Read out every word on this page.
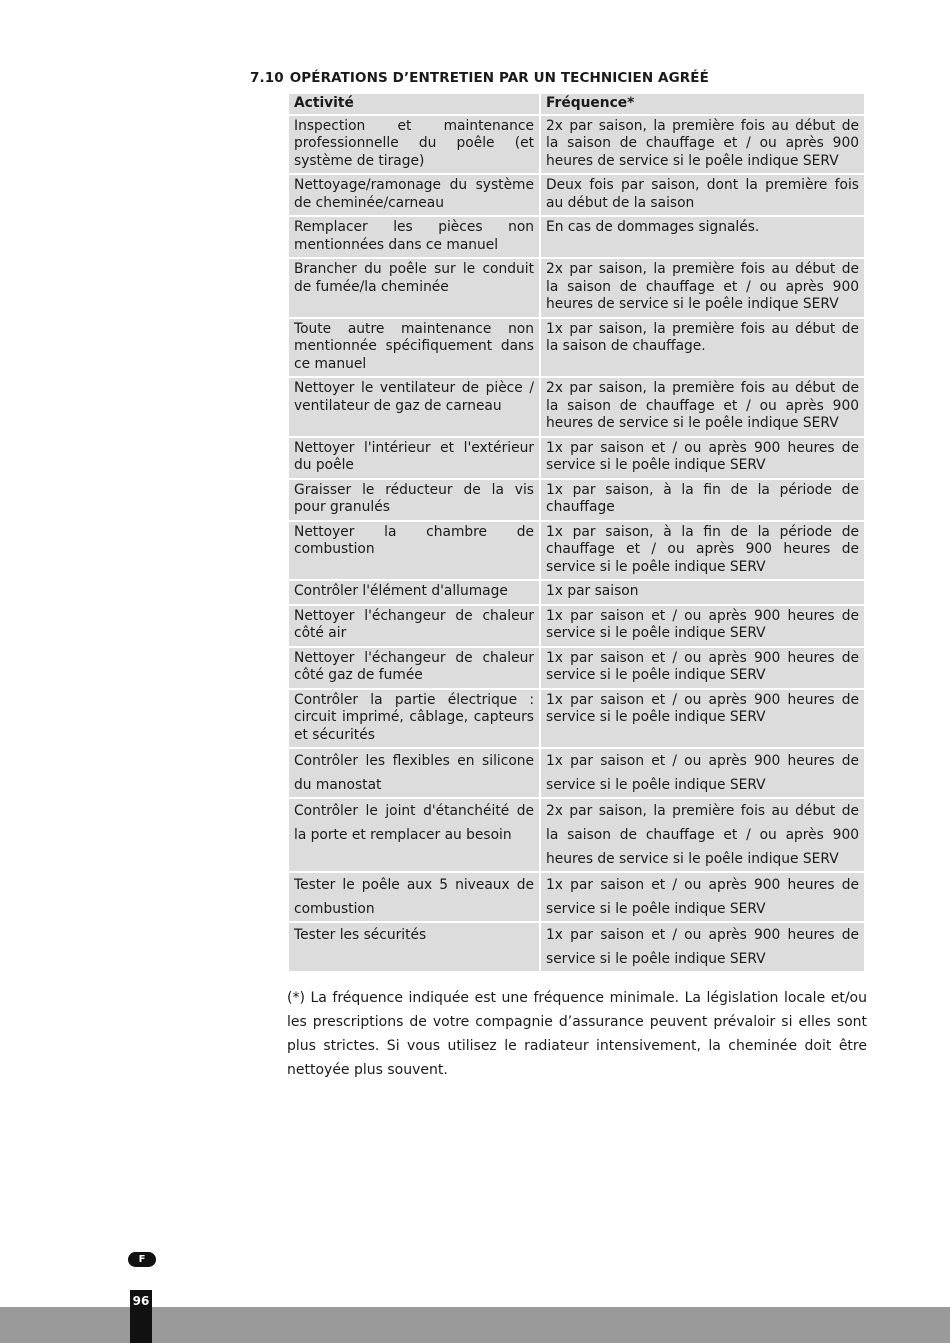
7.10 OPÉRATIONS D’ENTRETIEN PAR UN TECHNICIEN AGRÉÉ
Activité	Fréquence*
Inspection et maintenance professionnelle du poêle (et système de tirage)	2x par saison, la première fois au début de la saison de chauffage et / ou après 900 heures de service si le poêle indique SERV
Nettoyage/ramonage du système de cheminée/carneau	Deux fois par saison, dont la première fois au début de la saison
Remplacer les pièces non mentionnées dans ce manuel	En cas de dommages signalés.
Brancher du poêle sur le conduit de fumée/la cheminée	2x par saison, la première fois au début de la saison de chauffage et / ou après 900 heures de service si le poêle indique SERV
Toute autre maintenance non mentionnée spécifiquement dans ce manuel	1x par saison, la première fois au début de la saison de chauffage.
Nettoyer le ventilateur de pièce / ventilateur de gaz de carneau	2x par saison, la première fois au début de la saison de chauffage et / ou après 900 heures de service si le poêle indique SERV
Nettoyer l'intérieur et l'extérieur du poêle	1x par saison et / ou après 900 heures de service si le poêle indique SERV
Graisser le réducteur de la vis pour granulés	1x par saison, à la fin de la période de chauffage
Nettoyer la chambre de combustion	1x par saison, à la fin de la période de chauffage et / ou après 900 heures de service si le poêle indique SERV
Contrôler l'élément d'allumage	1x par saison
Nettoyer l'échangeur de chaleur côté air	1x par saison et / ou après 900 heures de service si le poêle indique SERV
Nettoyer l'échangeur de chaleur côté gaz de fumée	1x par saison et / ou après 900 heures de service si le poêle indique SERV
Contrôler la partie électrique : circuit imprimé, câblage, capteurs et sécurités	1x par saison et / ou après 900 heures de service si le poêle indique SERV
Contrôler les flexibles en silicone du manostat	1x par saison et / ou après 900 heures de service si le poêle indique SERV
Contrôler le joint d'étanchéité de la porte et remplacer au besoin	2x par saison, la première fois au début de la saison de chauffage et / ou après 900 heures de service si le poêle indique SERV
Tester le poêle aux 5 niveaux de combustion	1x par saison et / ou après 900 heures de service si le poêle indique SERV
Tester les sécurités	1x par saison et / ou après 900 heures de service si le poêle indique SERV
(*) La fréquence indiquée est une fréquence minimale. La législation locale et/ou les prescriptions de votre compagnie d’assurance peuvent prévaloir si elles sont plus strictes. Si vous utilisez le radiateur intensivement, la cheminée doit être nettoyée plus souvent.
F
96
